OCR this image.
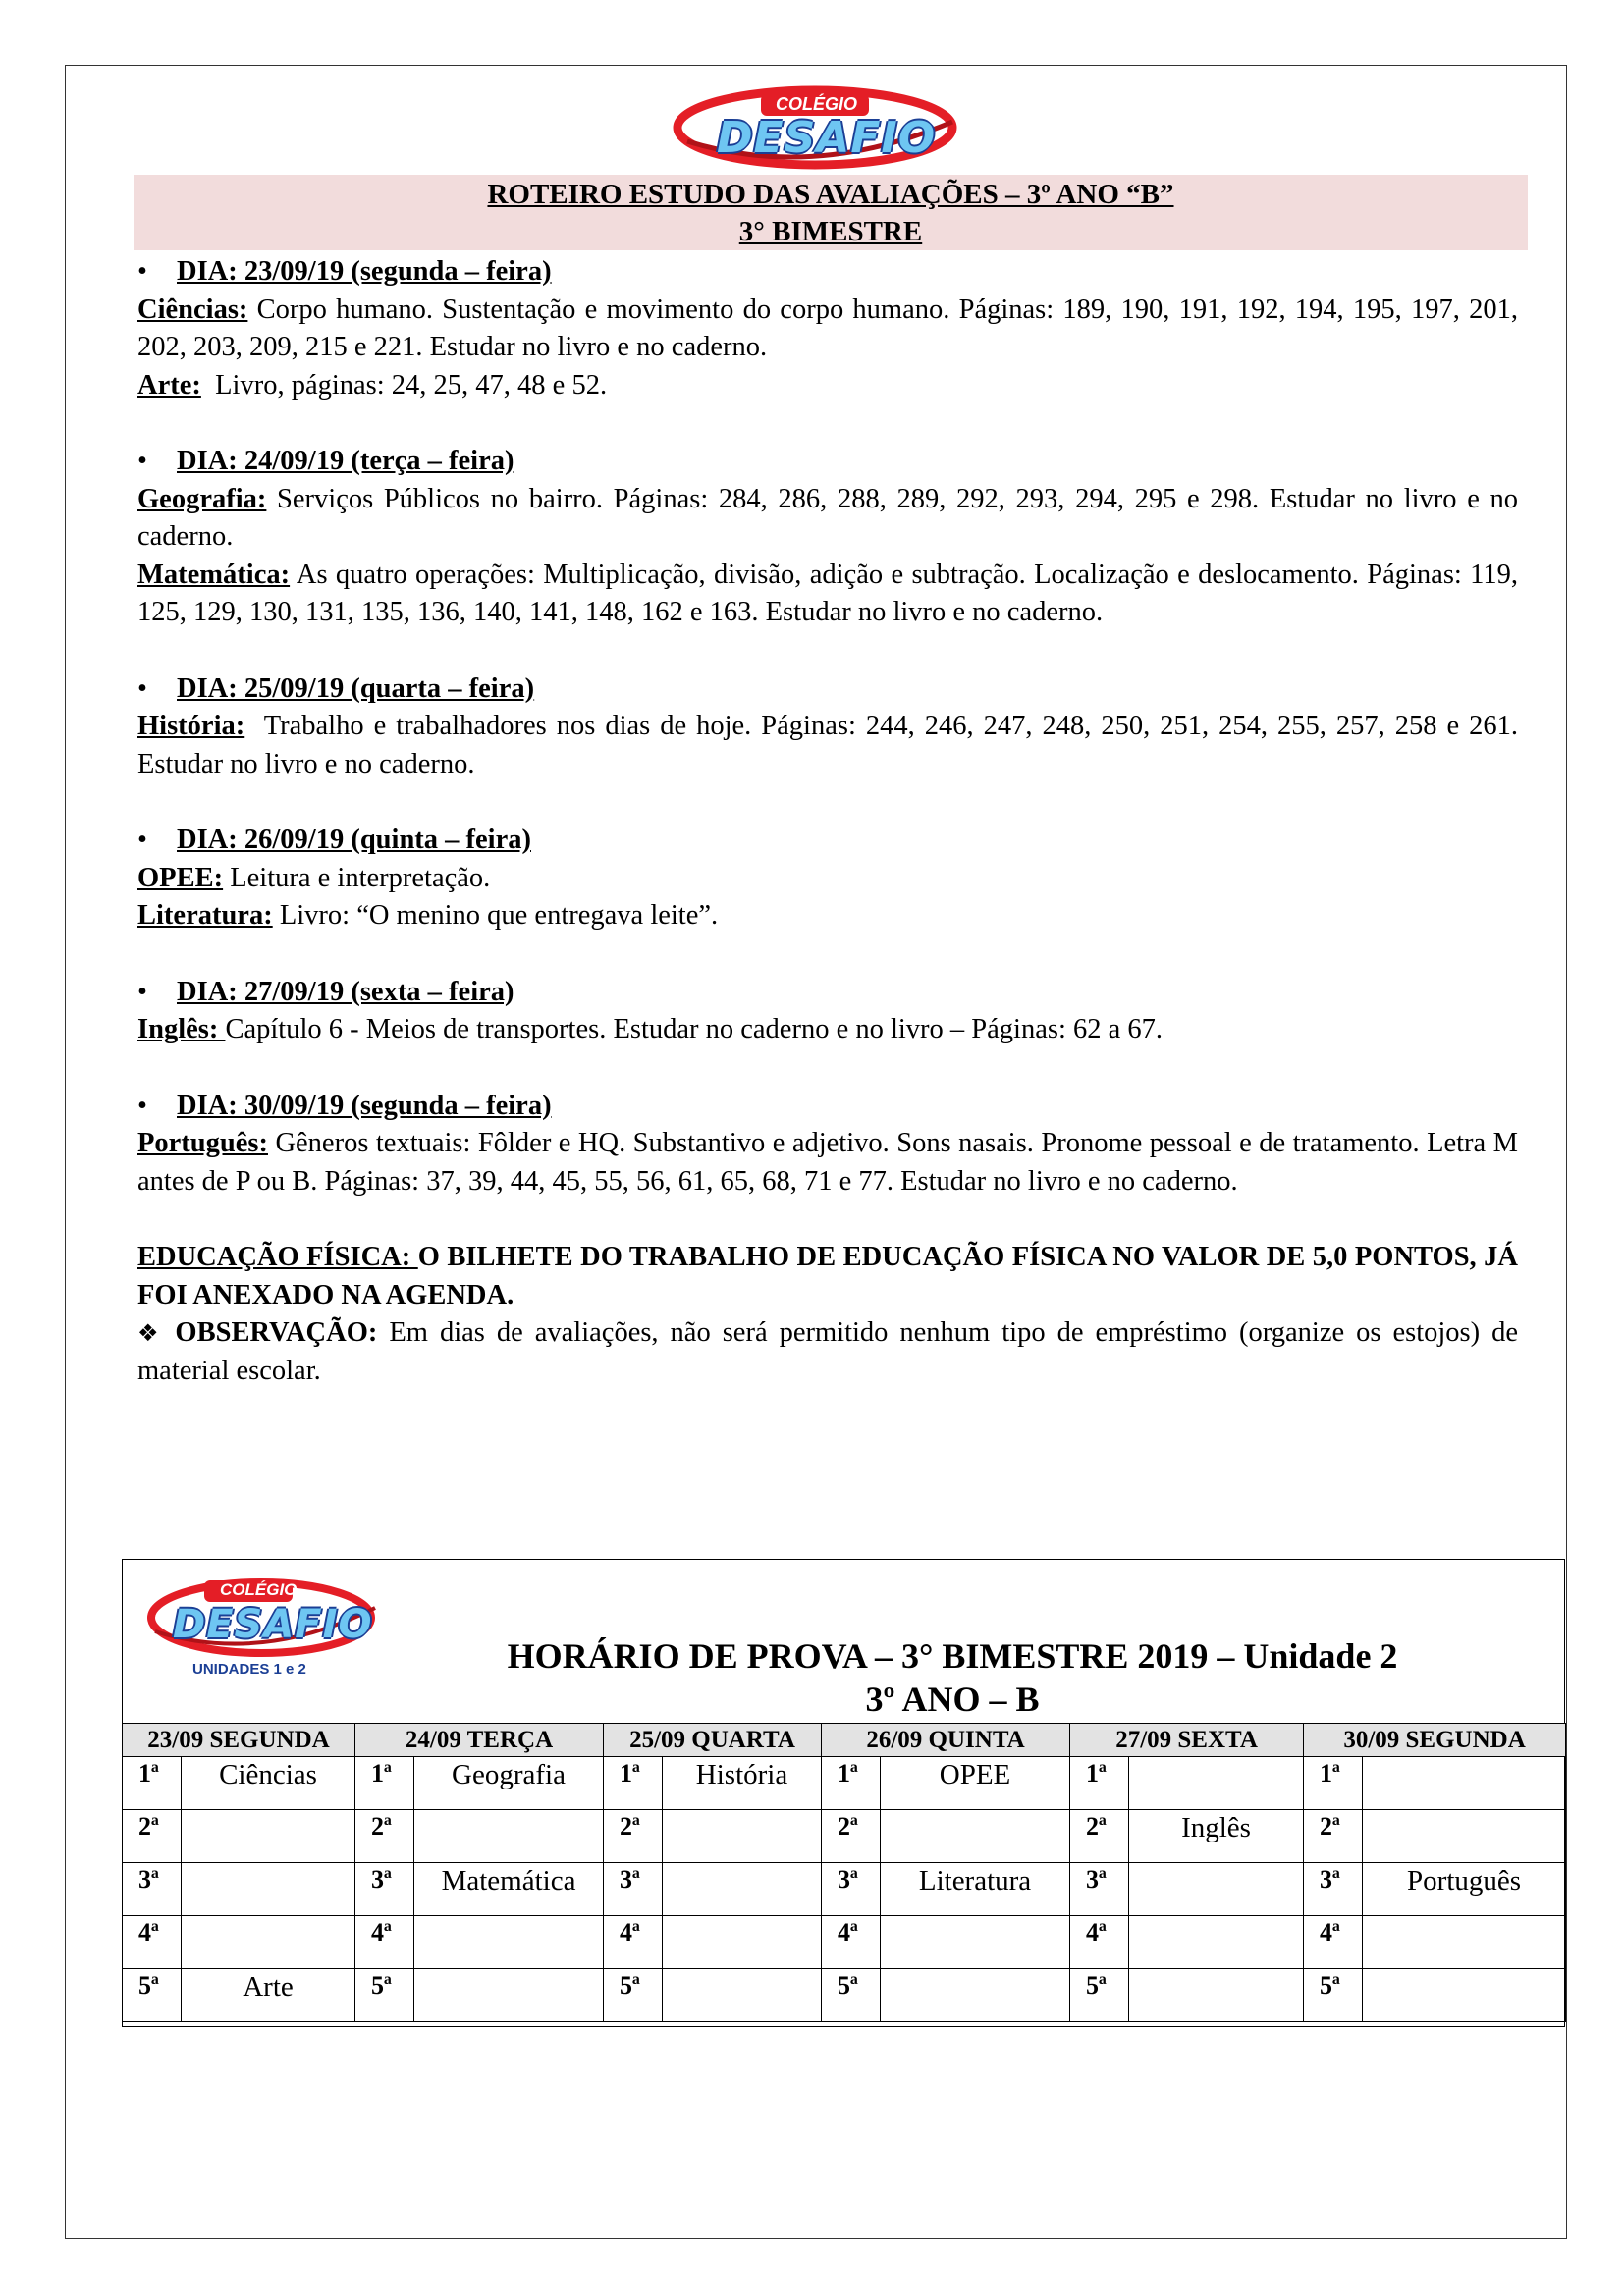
COLÉGIO
DESAFIO
ROTEIRO ESTUDO DAS AVALIAÇÕES – 3º ANO “B”
3° BIMESTRE

• DIA: 23/09/19 (segunda – feira)

Ciências: Corpo humano. Sustentação e movimento do corpo humano. Páginas: 189, 190, 191, 192, 194, 195, 197, 201, 202, 203, 209, 215 e 221. Estudar no livro e no caderno.

Arte:  Livro, páginas: 24, 25, 47, 48 e 52.

• DIA: 24/09/19 (terça – feira)

Geografia: Serviços Públicos no bairro. Páginas: 284, 286, 288, 289, 292, 293, 294, 295 e 298. Estudar no livro e no caderno.

Matemática: As quatro operações: Multiplicação, divisão, adição e subtração. Localização e deslocamento. Páginas: 119, 125, 129, 130, 131, 135, 136, 140, 141, 148, 162 e 163. Estudar no livro e no caderno.

• DIA: 25/09/19 (quarta – feira)

História:  Trabalho e trabalhadores nos dias de hoje. Páginas: 244, 246, 247, 248, 250, 251, 254, 255, 257, 258 e 261. Estudar no livro e no caderno.

• DIA: 26/09/19 (quinta – feira)

OPEE: Leitura e interpretação.

Literatura: Livro: “O menino que entregava leite”.

• DIA: 27/09/19 (sexta – feira)

Inglês: Capítulo 6 - Meios de transportes. Estudar no caderno e no livro – Páginas: 62 a 67.

• DIA: 30/09/19 (segunda – feira)

Português: Gêneros textuais: Fôlder e HQ. Substantivo e adjetivo. Sons nasais. Pronome pessoal e de tratamento. Letra M antes de P ou B. Páginas: 37, 39, 44, 45, 55, 56, 61, 65, 68, 71 e 77. Estudar no livro e no caderno.

EDUCAÇÃO FÍSICA: O BILHETE DO TRABALHO DE EDUCAÇÃO FÍSICA NO VALOR DE 5,0 PONTOS, JÁ FOI ANEXADO NA AGENDA.

❖ OBSERVAÇÃO: Em dias de avaliações, não será permitido nenhum tipo de empréstimo (organize os estojos) de material escolar.

COLÉGIO
DESAFIO
UNIDADES 1 e 2	HORÁRIO DE PROVA – 3° BIMESTRE 2019 – Unidade 2
3º ANO – B
23/09 SEGUNDA		24/09 TERÇA		25/09 QUARTA		26/09 QUINTA		27/09 SEXTA		30/09 SEGUNDA	
1ª	Ciências	1ª	Geografia	1ª	História	1ª	OPEE	1ª		1ª	
2ª		2ª		2ª		2ª		2ª	Inglês	2ª	
3ª		3ª	Matemática	3ª		3ª	Literatura	3ª		3ª	Português
4ª		4ª		4ª		4ª		4ª		4ª	
5ª	Arte	5ª		5ª		5ª		5ª		5ª	
